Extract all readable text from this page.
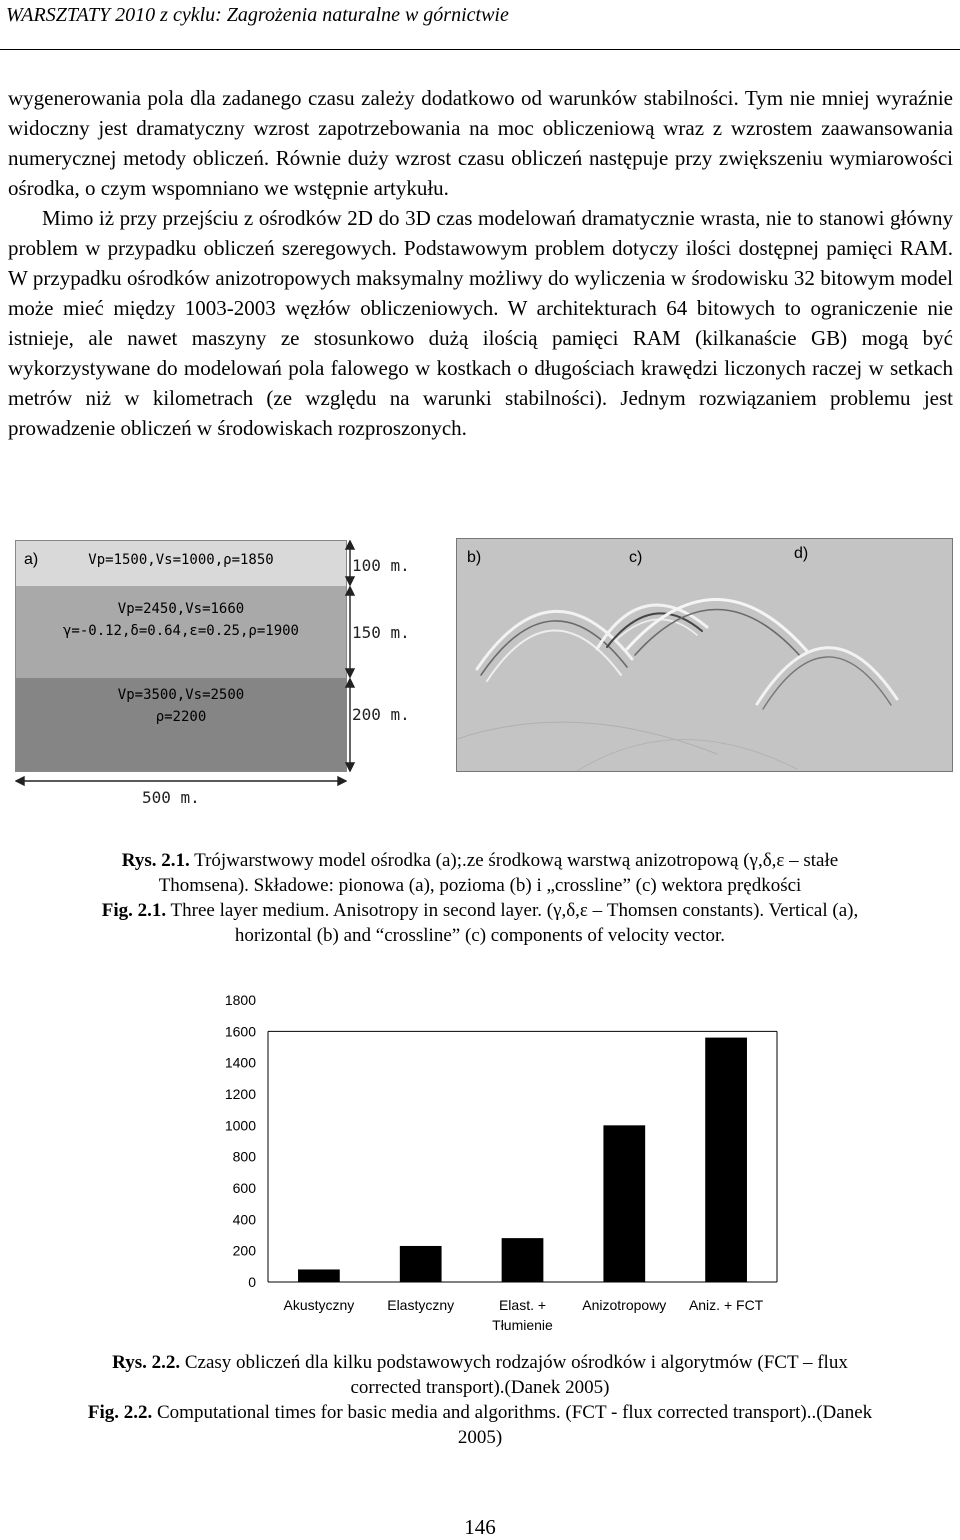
WARSZTATY 2010 z cyklu: Zagrożenia naturalne w górnictwie

wygenerowania pola dla zadanego czasu zależy dodatkowo od warunków stabilności. Tym nie mniej wyraźnie widoczny jest dramatyczny wzrost zapotrzebowania na moc obliczeniową wraz z wzrostem zaawansowania numerycznej metody obliczeń. Równie duży wzrost czasu obliczeń następuje przy zwiększeniu wymiarowości ośrodka, o czym wspomniano we wstępnie artykułu.

Mimo iż przy przejściu z ośrodków 2D do 3D czas modelowań dramatycznie wrasta, nie to stanowi główny problem w przypadku obliczeń szeregowych. Podstawowym problem dotyczy ilości dostępnej pamięci RAM. W przypadku ośrodków anizotropowych maksymalny możliwy do wyliczenia w środowisku 32 bitowym model może mieć między 1003-2003 węzłów obliczeniowych. W architekturach 64 bitowych to ograniczenie nie istnieje, ale nawet maszyny ze stosunkowo dużą ilością pamięci RAM (kilkanaście GB) mogą być wykorzystywane do modelowań pola falowego w kostkach o długościach krawędzi liczonych raczej w setkach metrów niż w kilometrach (ze względu na warunki stabilności). Jednym rozwiązaniem problemu jest prowadzenie obliczeń w środowiskach rozproszonych.

Vp=1500,Vs=1000,ρ=1850
Vp=2450,Vs=1660
γ=-0.12,δ=0.64,ε=0.25,ρ=1900
Vp=3500,Vs=2500
ρ=2200
a)	100 m.
150 m.
200 m.
500 m.
b)	c)	d)
Rys. 2.1. Trójwarstwowy model ośrodka (a);.ze środkową warstwą anizotropową (γ,δ,ε – stałe
Thomsena). Składowe: pionowa (a), pozioma (b) i „crossline” (c) wektora prędkości
Fig. 2.1. Three layer medium. Anisotropy in second layer. (γ,δ,ε – Thomsen constants). Vertical (a),
horizontal (b) and “crossline” (c) components of velocity vector.
0
200
400
600
800
1000
1200
1400
1600
1800
Akustyczny Elastyczny	Elast. +
Tłumienie
Anizotropowy Aniz. + FCT
Rys. 2.2. Czasy obliczeń dla kilku podstawowych rodzajów ośrodków i algorytmów (FCT – flux
corrected transport).(Danek 2005)
Fig. 2.2. Computational times for basic media and algorithms. (FCT - flux corrected transport)..(Danek
2005)
146
